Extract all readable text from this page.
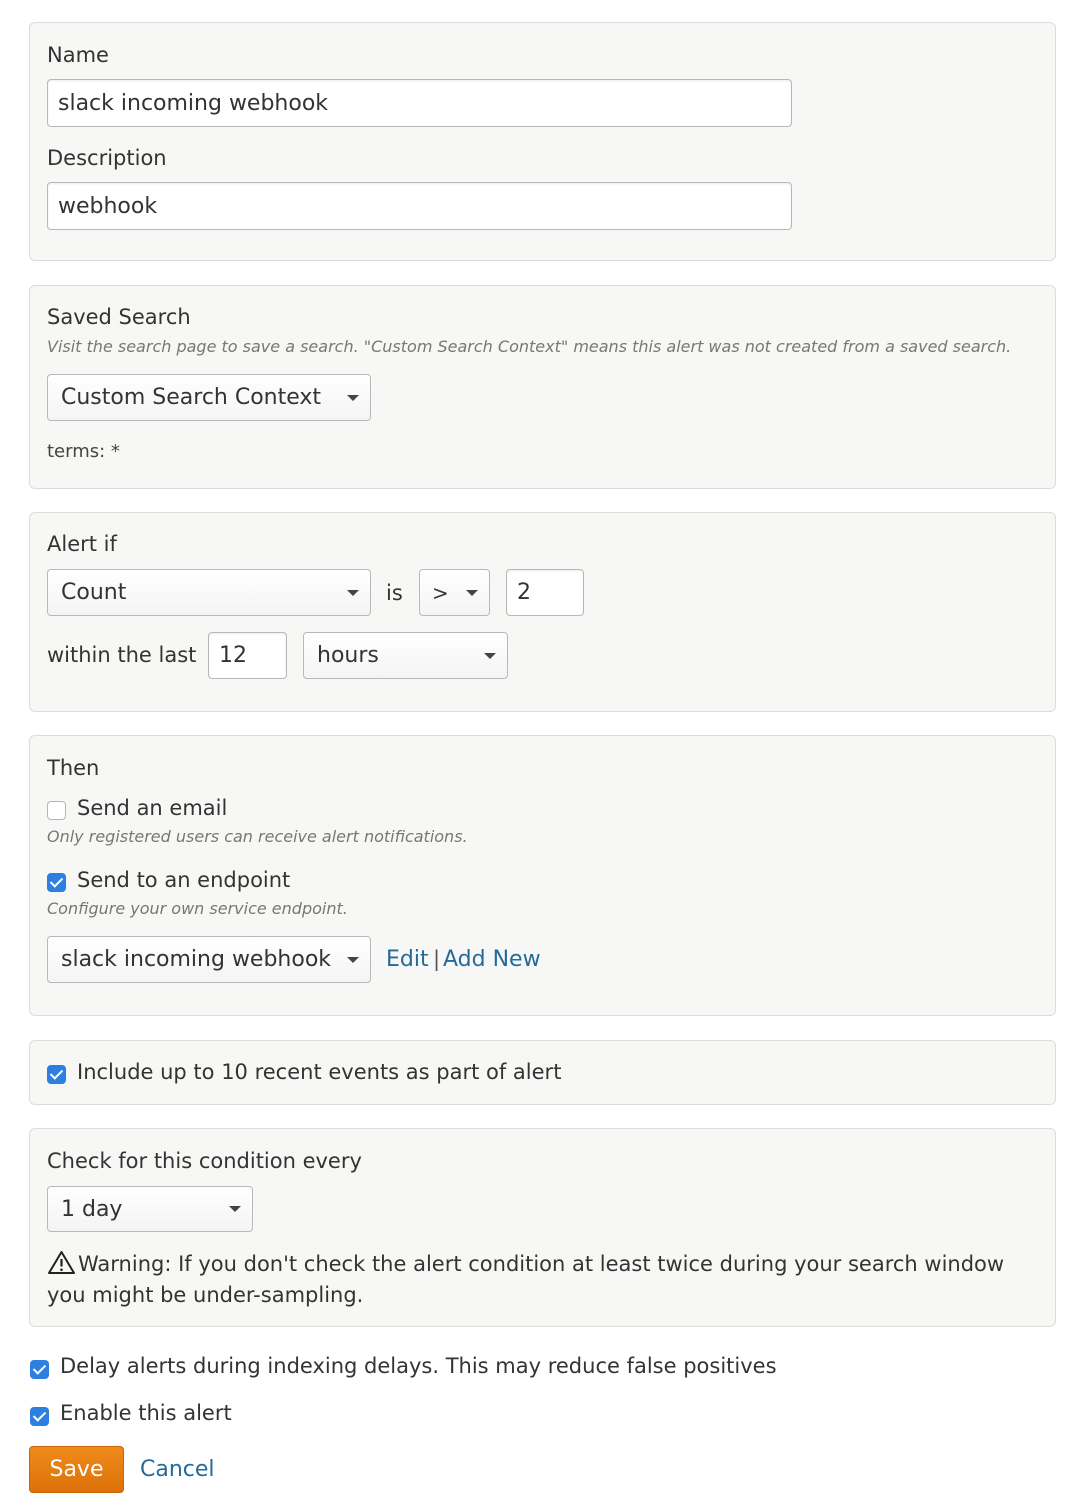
Name
slack incoming webhook
Description
webhook
Saved Search
Visit the search page to save a search. "Custom Search Context" means this alert was not created from a saved search.
Custom Search Context
terms: *
Alert if
Count	is >	2
within the last 12	hours
Then
Send an email
Only registered users can receive alert notifications.
Send to an endpoint
Configure your own service endpoint.
slack incoming webhook Edit | Add New
Include up to 10 recent events as part of alert
Check for this condition every
1 day
Warning: If you don't check the alert condition at least twice during your search window you might be under-sampling.
Delay alerts during indexing delays. This may reduce false positives
Enable this alert
Save	Cancel
